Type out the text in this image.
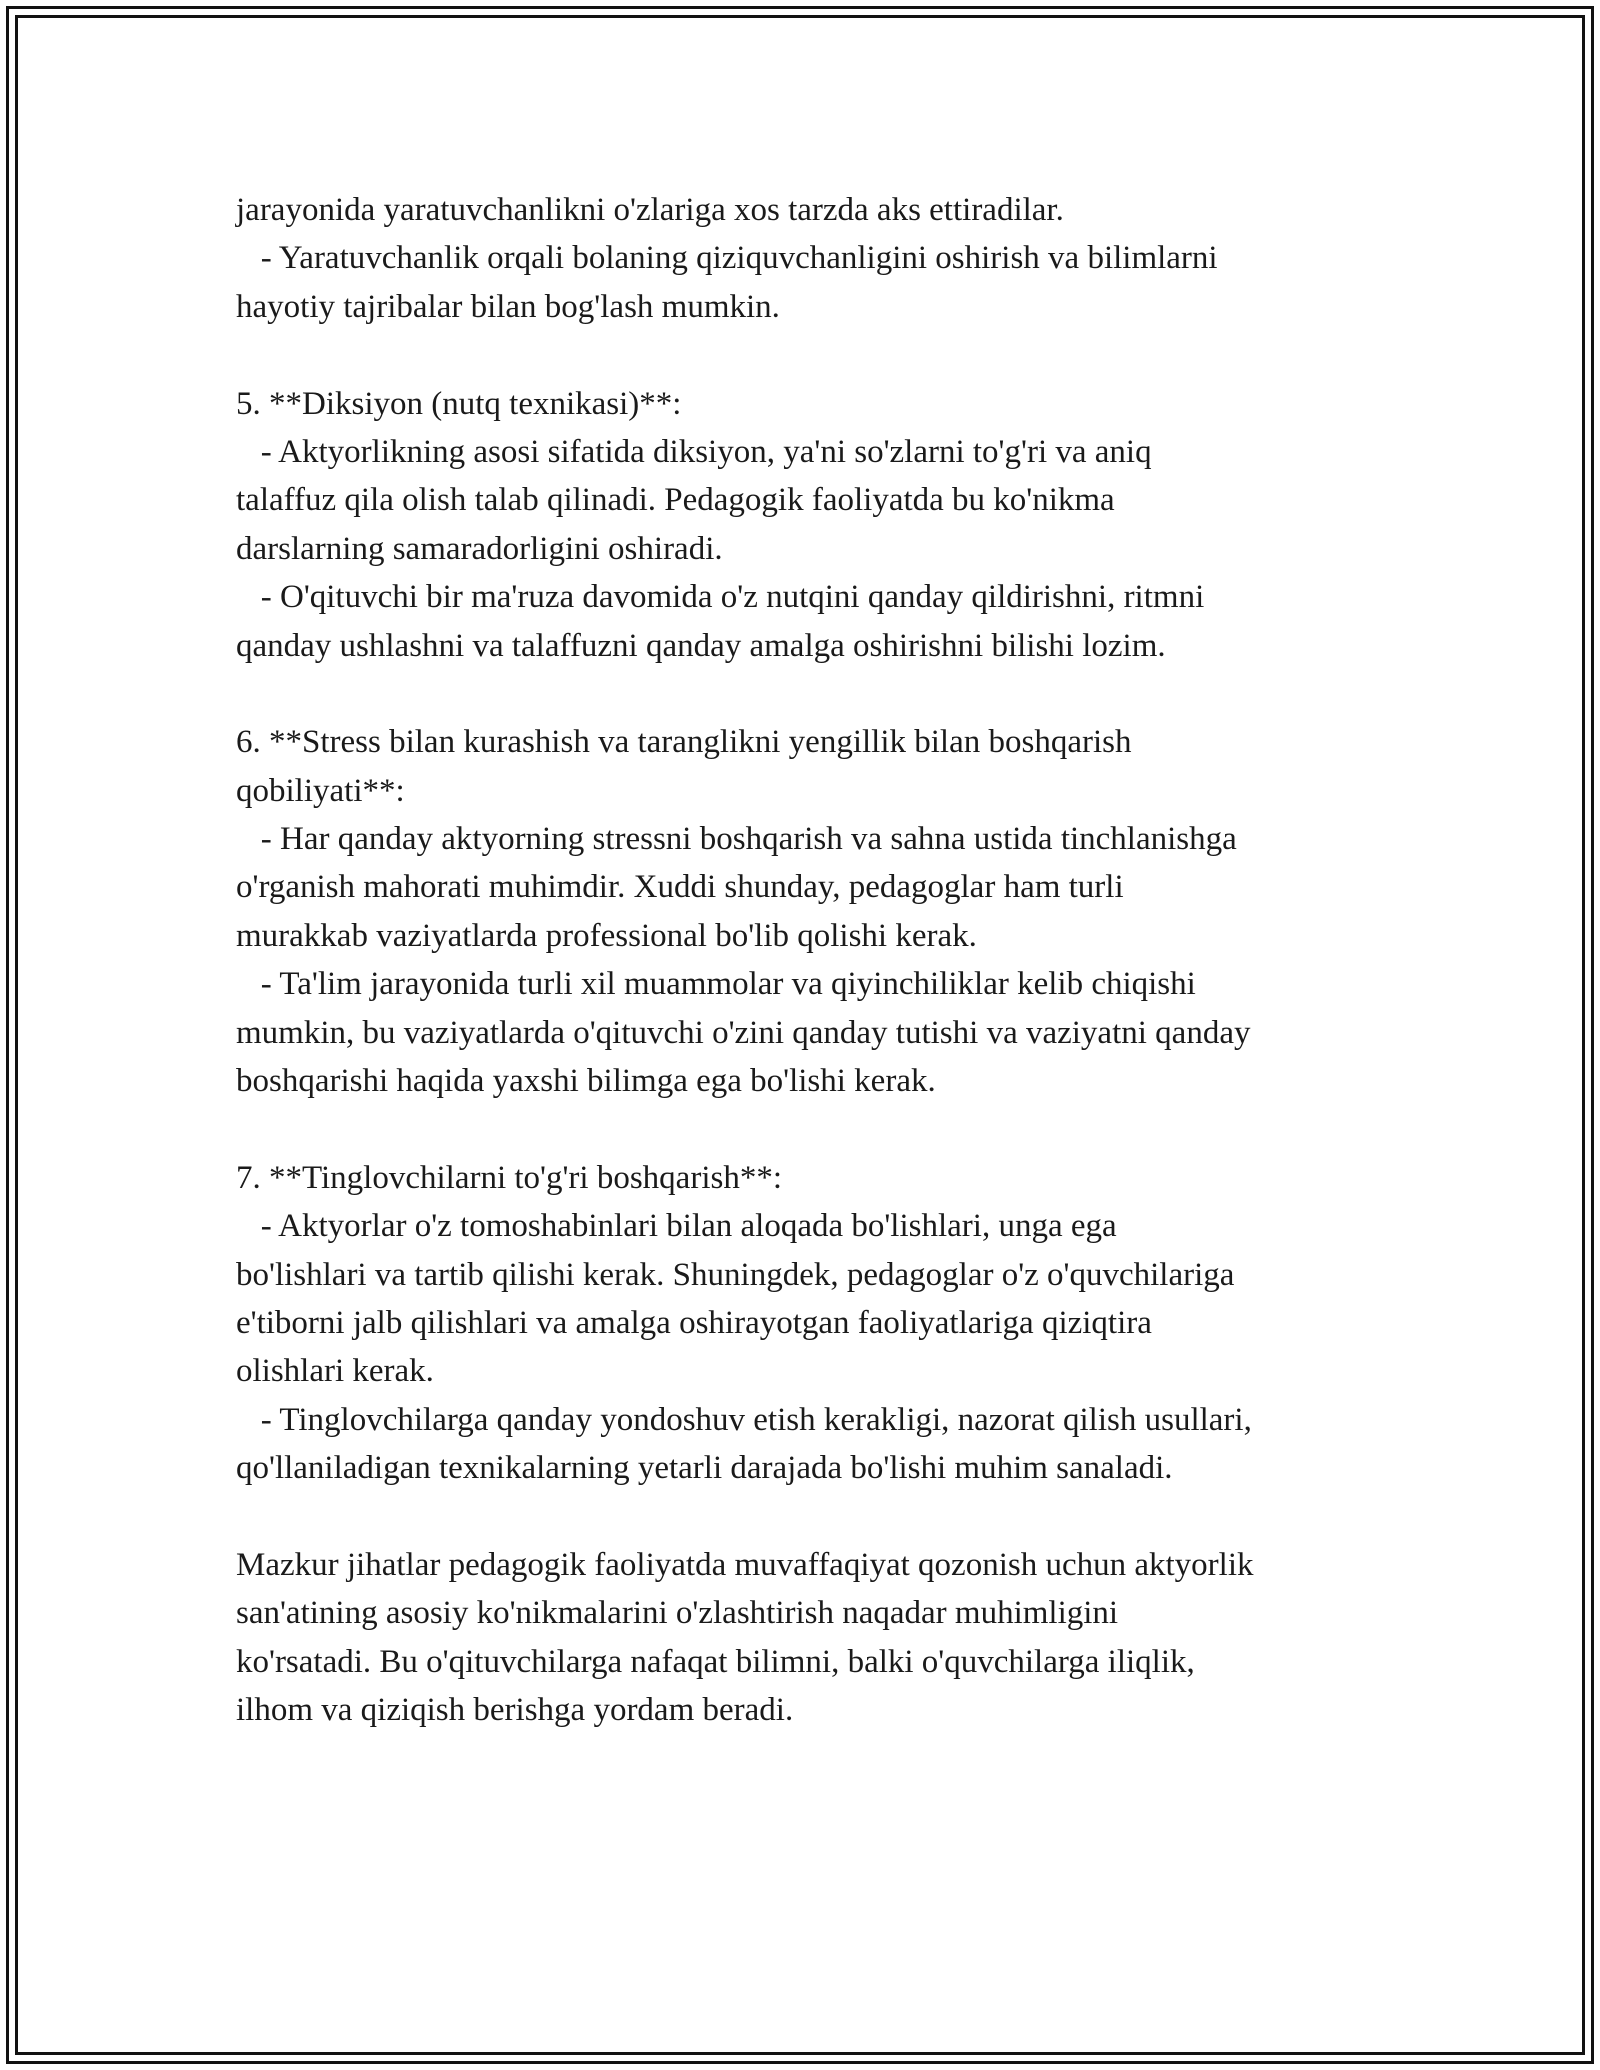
jarayonida yaratuvchanlikni o'zlariga xos tarzda aks ettiradilar.
- Yaratuvchanlik orqali bolaning qiziquvchanligini oshirish va bilimlarni
hayotiy tajribalar bilan bog'lash mumkin.
5. **Diksiyon (nutq texnikasi)**:
- Aktyorlikning asosi sifatida diksiyon, ya'ni so'zlarni to'g'ri va aniq
talaffuz qila olish talab qilinadi. Pedagogik faoliyatda bu ko'nikma
darslarning samaradorligini oshiradi.
- O'qituvchi bir ma'ruza davomida o'z nutqini qanday qildirishni, ritmni
qanday ushlashni va talaffuzni qanday amalga oshirishni bilishi lozim.
6. **Stress bilan kurashish va taranglikni yengillik bilan boshqarish
qobiliyati**:
- Har qanday aktyorning stressni boshqarish va sahna ustida tinchlanishga
o'rganish mahorati muhimdir. Xuddi shunday, pedagoglar ham turli
murakkab vaziyatlarda professional bo'lib qolishi kerak.
- Ta'lim jarayonida turli xil muammolar va qiyinchiliklar kelib chiqishi
mumkin, bu vaziyatlarda o'qituvchi o'zini qanday tutishi va vaziyatni qanday
boshqarishi haqida yaxshi bilimga ega bo'lishi kerak.
7. **Tinglovchilarni to'g'ri boshqarish**:
- Aktyorlar o'z tomoshabinlari bilan aloqada bo'lishlari, unga ega
bo'lishlari va tartib qilishi kerak. Shuningdek, pedagoglar o'z o'quvchilariga
e'tiborni jalb qilishlari va amalga oshirayotgan faoliyatlariga qiziqtira
olishlari kerak.
- Tinglovchilarga qanday yondoshuv etish kerakligi, nazorat qilish usullari,
qo'llaniladigan texnikalarning yetarli darajada bo'lishi muhim sanaladi.
Mazkur jihatlar pedagogik faoliyatda muvaffaqiyat qozonish uchun aktyorlik
san'atining asosiy ko'nikmalarini o'zlashtirish naqadar muhimligini
ko'rsatadi. Bu o'qituvchilarga nafaqat bilimni, balki o'quvchilarga iliqlik,
ilhom va qiziqish berishga yordam beradi.
